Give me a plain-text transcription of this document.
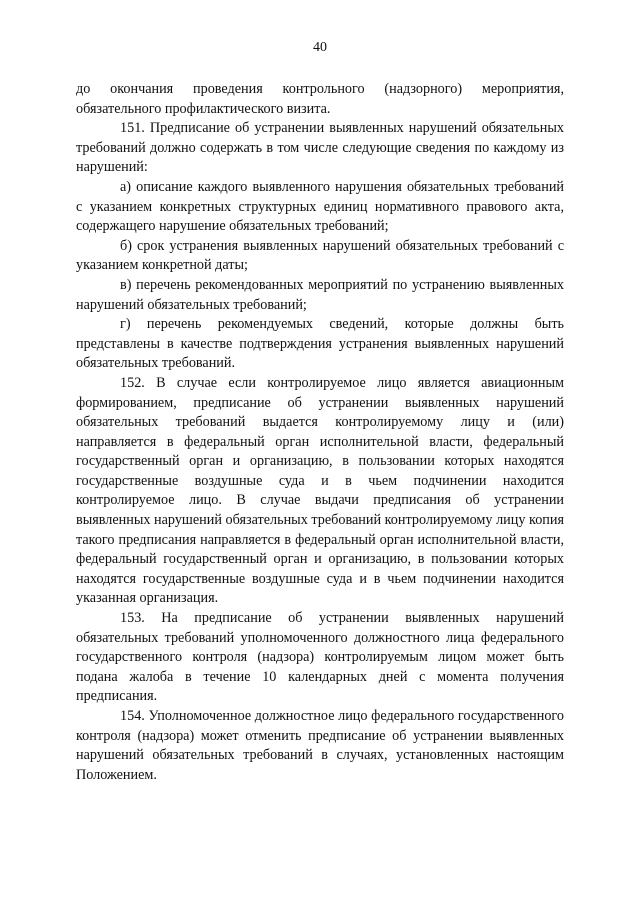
40

до окончания проведения контрольного (надзорного) мероприятия, обязательного профилактического визита.

151. Предписание об устранении выявленных нарушений обязательных требований должно содержать в том числе следующие сведения по каждому из нарушений:

а) описание каждого выявленного нарушения обязательных требований с указанием конкретных структурных единиц нормативного правового акта, содержащего нарушение обязательных требований;

б) срок устранения выявленных нарушений обязательных требований с указанием конкретной даты;

в) перечень рекомендованных мероприятий по устранению выявленных нарушений обязательных требований;

г) перечень рекомендуемых сведений, которые должны быть представлены в качестве подтверждения устранения выявленных нарушений обязательных требований.

152. В случае если контролируемое лицо является авиационным формированием, предписание об устранении выявленных нарушений обязательных требований выдается контролируемому лицу и (или) направляется в федеральный орган исполнительной власти, федеральный государственный орган и организацию, в пользовании которых находятся государственные воздушные суда и в чьем подчинении находится контролируемое лицо. В случае выдачи предписания об устранении выявленных нарушений обязательных требований контролируемому лицу копия такого предписания направляется в федеральный орган исполнительной власти, федеральный государственный орган и организацию, в пользовании которых находятся государственные воздушные суда и в чьем подчинении находится указанная организация.

153. На предписание об устранении выявленных нарушений обязательных требований уполномоченного должностного лица федерального государственного контроля (надзора) контролируемым лицом может быть подана жалоба в течение 10 календарных дней с момента получения предписания.

154. Уполномоченное должностное лицо федерального государственного контроля (надзора) может отменить предписание об устранении выявленных нарушений обязательных требований в случаях, установленных настоящим Положением.
